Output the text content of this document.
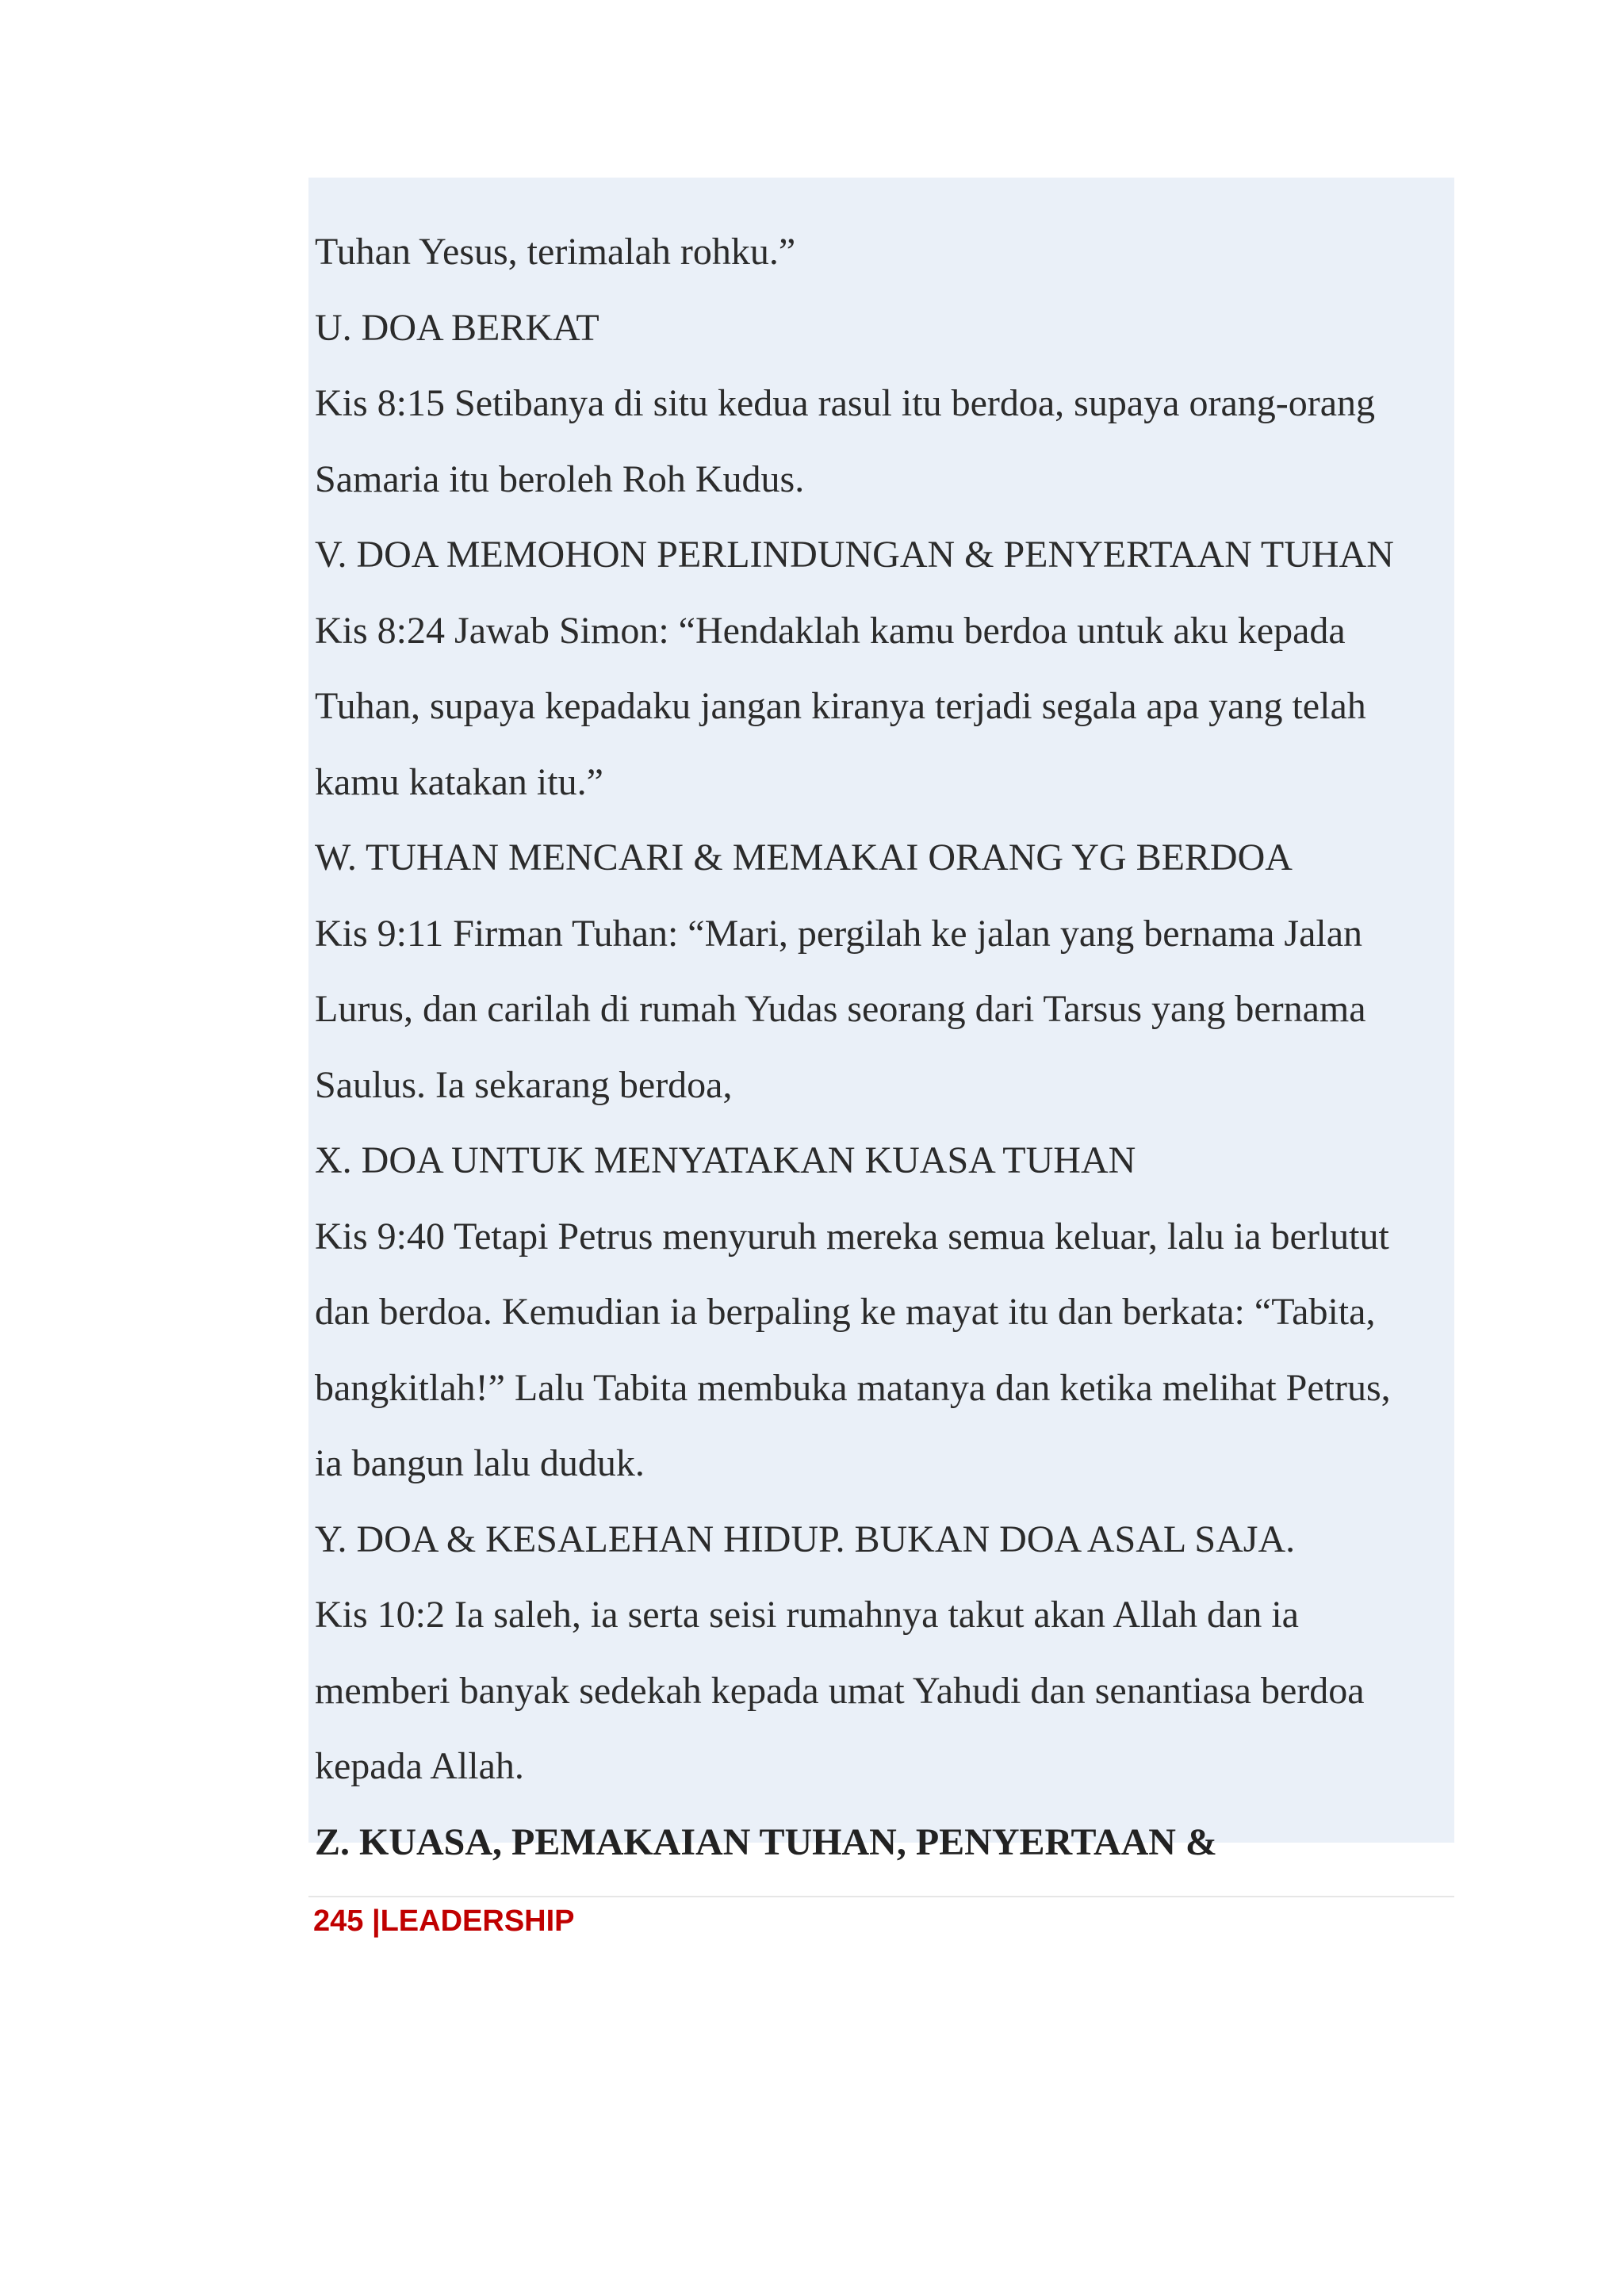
Tuhan Yesus, terimalah rohku.”

U. DOA BERKAT

Kis 8:15 Setibanya di situ kedua rasul itu berdoa, supaya orang-orang

Samaria itu beroleh Roh Kudus.

V. DOA MEMOHON PERLINDUNGAN & PENYERTAAN TUHAN

Kis 8:24 Jawab Simon: “Hendaklah kamu berdoa untuk aku kepada

Tuhan, supaya kepadaku jangan kiranya terjadi segala apa yang telah

kamu katakan itu.”

W. TUHAN MENCARI & MEMAKAI ORANG YG BERDOA

Kis 9:11 Firman Tuhan: “Mari, pergilah ke jalan yang bernama Jalan

Lurus, dan carilah di rumah Yudas seorang dari Tarsus yang bernama

Saulus. Ia sekarang berdoa,

X. DOA UNTUK MENYATAKAN KUASA TUHAN

Kis 9:40 Tetapi Petrus menyuruh mereka semua keluar, lalu ia berlutut

dan berdoa. Kemudian ia berpaling ke mayat itu dan berkata: “Tabita,

bangkitlah!” Lalu Tabita membuka matanya dan ketika melihat Petrus,

ia bangun lalu duduk.

Y. DOA & KESALEHAN HIDUP. BUKAN DOA ASAL SAJA.

Kis 10:2 Ia saleh, ia serta seisi rumahnya takut akan Allah dan ia

memberi banyak sedekah kepada umat Yahudi dan senantiasa berdoa

kepada Allah.

Z. KUASA, PEMAKAIAN TUHAN, PENYERTAAN &

245 |LEADERSHIP
